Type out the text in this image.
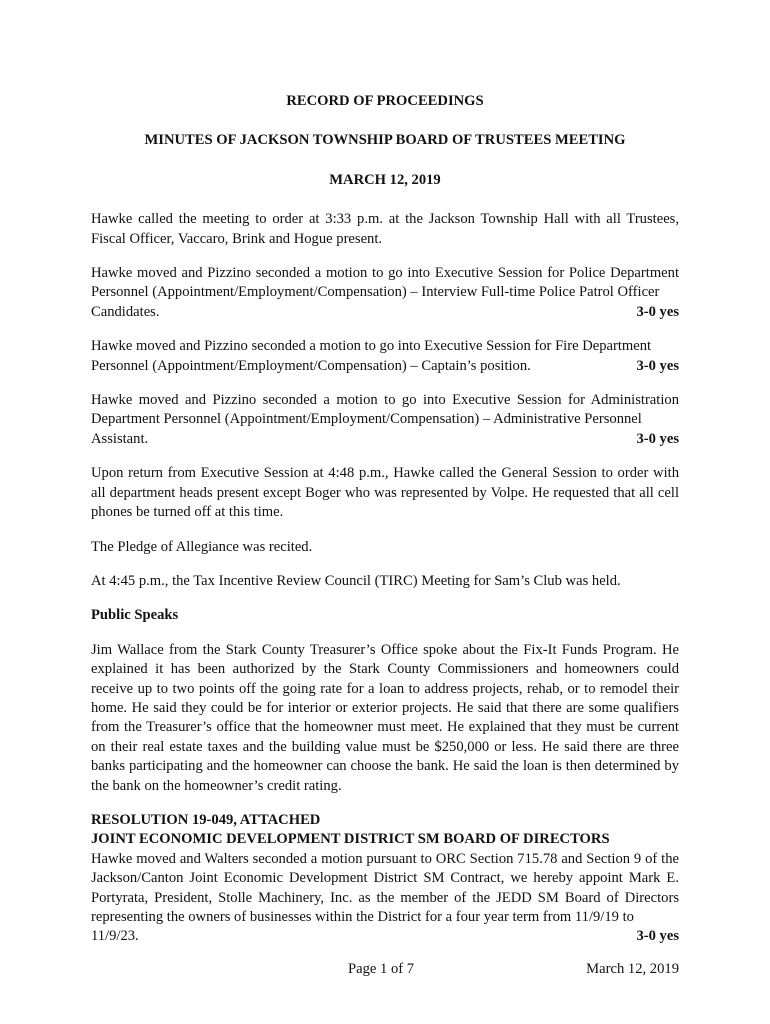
RECORD OF PROCEEDINGS
MINUTES OF JACKSON TOWNSHIP BOARD OF TRUSTEES MEETING
MARCH 12, 2019

Hawke called the meeting to order at 3:33 p.m. at the Jackson Township Hall with all Trustees, Fiscal Officer, Vaccaro, Brink and Hogue present.

Hawke moved and Pizzino seconded a motion to go into Executive Session for Police Department Personnel (Appointment/Employment/Compensation) – Interview Full-time Police Patrol Officer
Candidates.	3-0 yes

Hawke moved and Pizzino seconded a motion to go into Executive Session for Fire Department
Personnel (Appointment/Employment/Compensation) – Captain’s position.	3-0 yes

Hawke moved and Pizzino seconded a motion to go into Executive Session for Administration Department Personnel (Appointment/Employment/Compensation) – Administrative Personnel
Assistant.	3-0 yes

Upon return from Executive Session at 4:48 p.m., Hawke called the General Session to order with all department heads present except Boger who was represented by Volpe. He requested that all cell phones be turned off at this time.

The Pledge of Allegiance was recited.

At 4:45 p.m., the Tax Incentive Review Council (TIRC) Meeting for Sam’s Club was held.

Public Speaks

Jim Wallace from the Stark County Treasurer’s Office spoke about the Fix-It Funds Program. He explained it has been authorized by the Stark County Commissioners and homeowners could receive up to two points off the going rate for a loan to address projects, rehab, or to remodel their home. He said they could be for interior or exterior projects. He said that there are some qualifiers from the Treasurer’s office that the homeowner must meet. He explained that they must be current on their real estate taxes and the building value must be $250,000 or less. He said there are three banks participating and the homeowner can choose the bank. He said the loan is then determined by the bank on the homeowner’s credit rating.

RESOLUTION 19-049, ATTACHED
JOINT ECONOMIC DEVELOPMENT DISTRICT SM BOARD OF DIRECTORS

Hawke moved and Walters seconded a motion pursuant to ORC Section 715.78 and Section 9 of the Jackson/Canton Joint Economic Development District SM Contract, we hereby appoint Mark E. Portyrata, President, Stolle Machinery, Inc. as the member of the JEDD SM Board of Directors representing the owners of businesses within the District for a four year term from 11/9/19 to
11/9/23.	3-0 yes

Page 1 of 7	March 12, 2019
